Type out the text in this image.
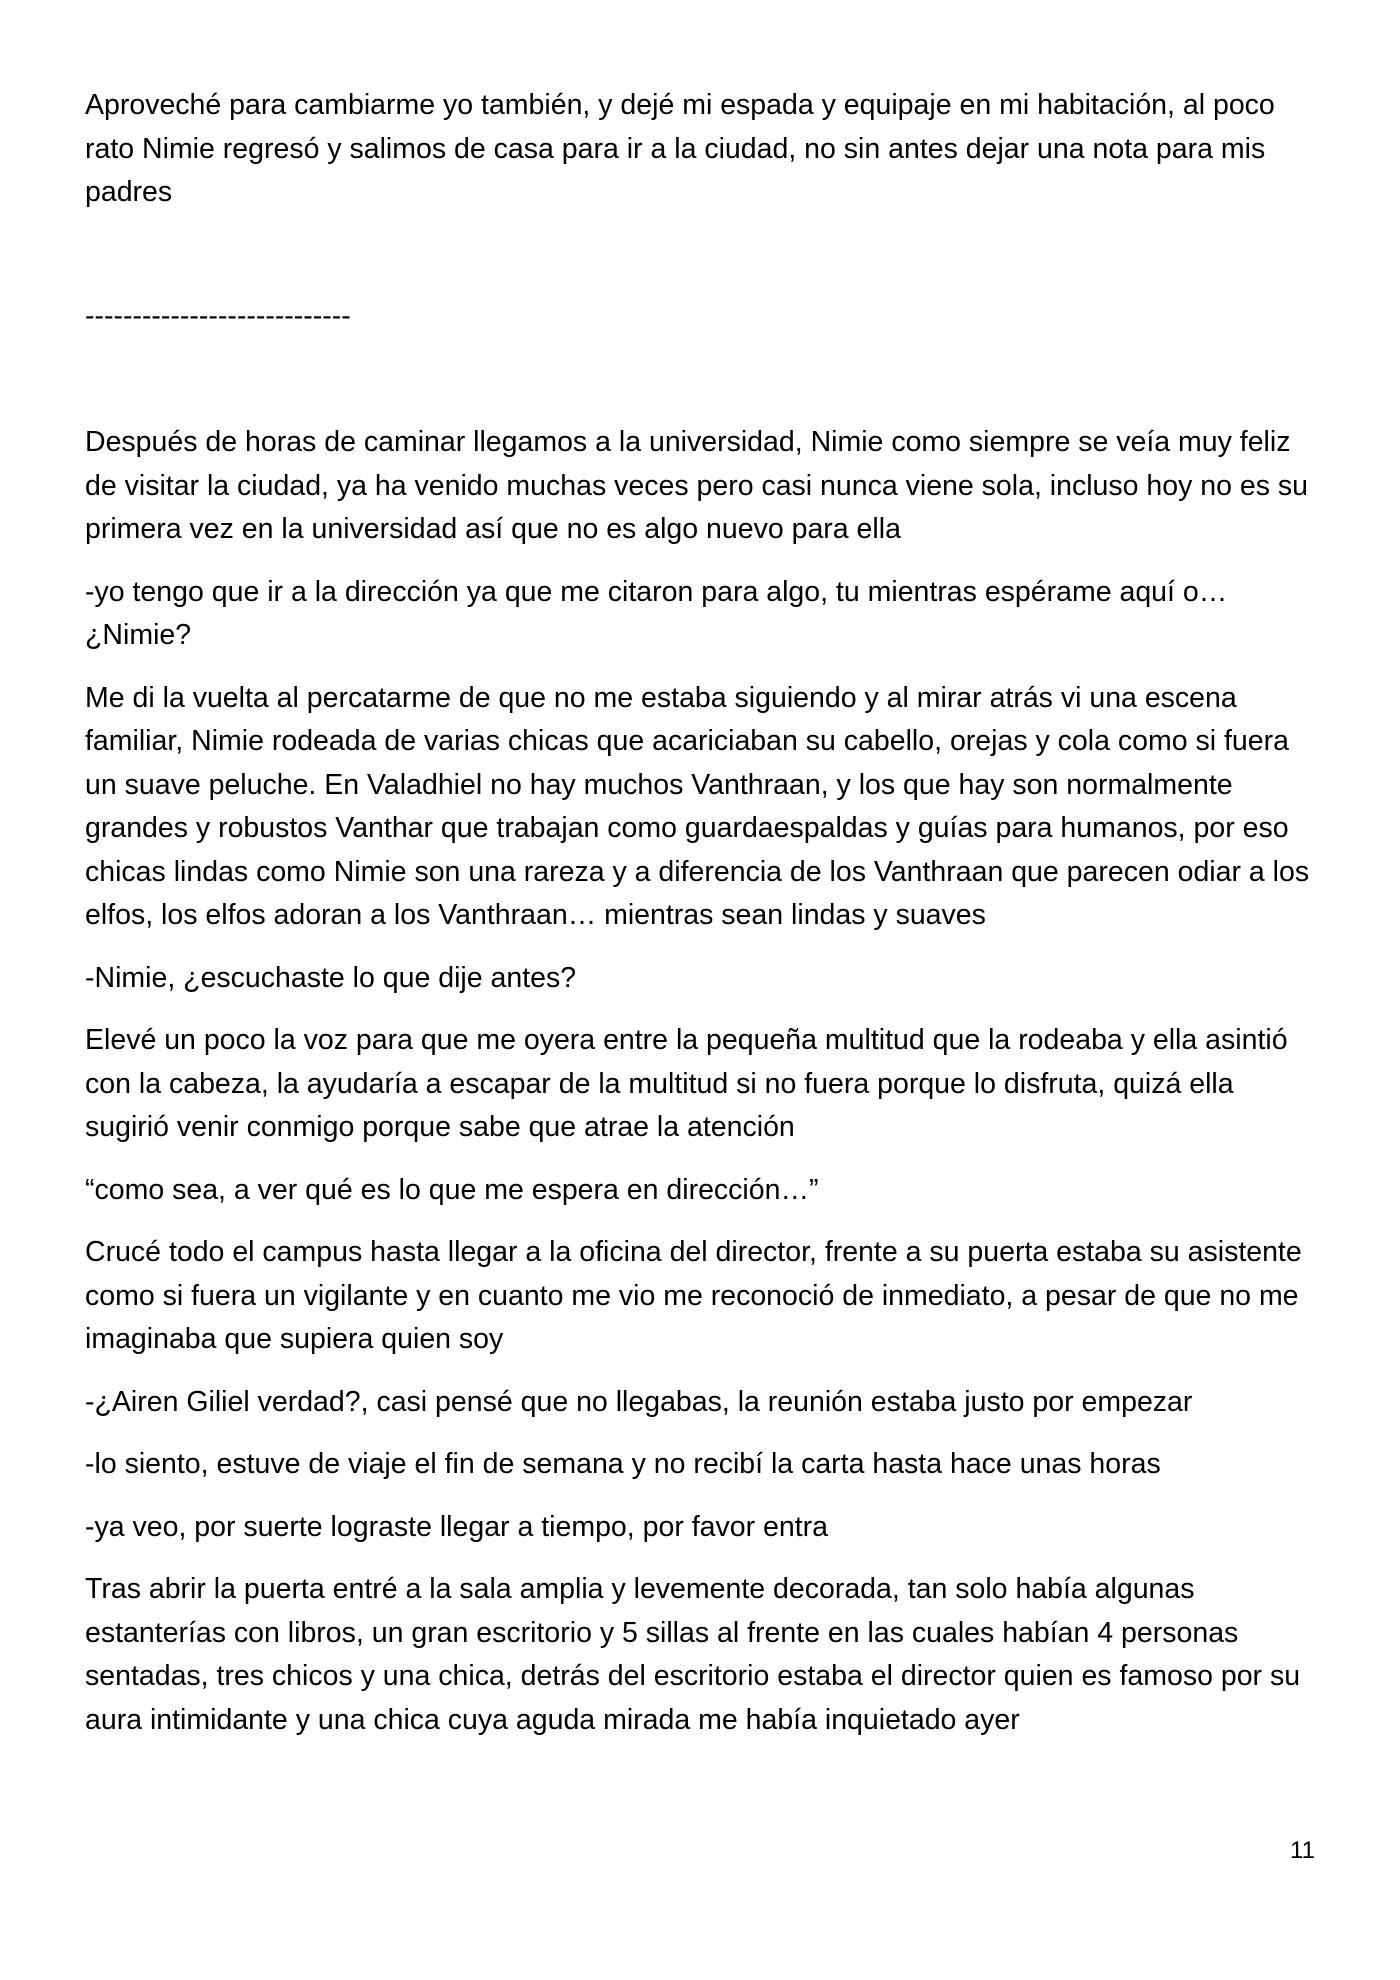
Aproveché para cambiarme yo también, y dejé mi espada y equipaje en mi habitación, al poco rato Nimie regresó y salimos de casa para ir a la ciudad, no sin antes dejar una nota para mis padres

----------------------------

Después de horas de caminar llegamos a la universidad, Nimie como siempre se veía muy feliz de visitar la ciudad, ya ha venido muchas veces pero casi nunca viene sola, incluso hoy no es su primera vez en la universidad así que no es algo nuevo para ella

-yo tengo que ir a la dirección ya que me citaron para algo, tu mientras espérame aquí o… ¿Nimie?

Me di la vuelta al percatarme de que no me estaba siguiendo y al mirar atrás vi una escena familiar, Nimie rodeada de varias chicas que acariciaban su cabello, orejas y cola como si fuera un suave peluche. En Valadhiel no hay muchos Vanthraan, y los que hay son normalmente grandes y robustos Vanthar que trabajan como guardaespaldas y guías para humanos, por eso chicas lindas como Nimie son una rareza y a diferencia de los Vanthraan que parecen odiar a los elfos, los elfos adoran a los Vanthraan… mientras sean lindas y suaves

-Nimie, ¿escuchaste lo que dije antes?

Elevé un poco la voz para que me oyera entre la pequeña multitud que la rodeaba y ella asintió con la cabeza, la ayudaría a escapar de la multitud si no fuera porque lo disfruta, quizá ella sugirió venir conmigo porque sabe que atrae la atención

“como sea, a ver qué es lo que me espera en dirección…”

Crucé todo el campus hasta llegar a la oficina del director, frente a su puerta estaba su asistente como si fuera un vigilante y en cuanto me vio me reconoció de inmediato, a pesar de que no me imaginaba que supiera quien soy

-¿Airen Giliel verdad?, casi pensé que no llegabas, la reunión estaba justo por empezar

-lo siento, estuve de viaje el fin de semana y no recibí la carta hasta hace unas horas

-ya veo, por suerte lograste llegar a tiempo, por favor entra

Tras abrir la puerta entré a la sala amplia y levemente decorada, tan solo había algunas estanterías con libros, un gran escritorio y 5 sillas al frente en las cuales habían 4 personas sentadas, tres chicos y una chica, detrás del escritorio estaba el director quien es famoso por su aura intimidante y una chica cuya aguda mirada me había inquietado ayer

11
